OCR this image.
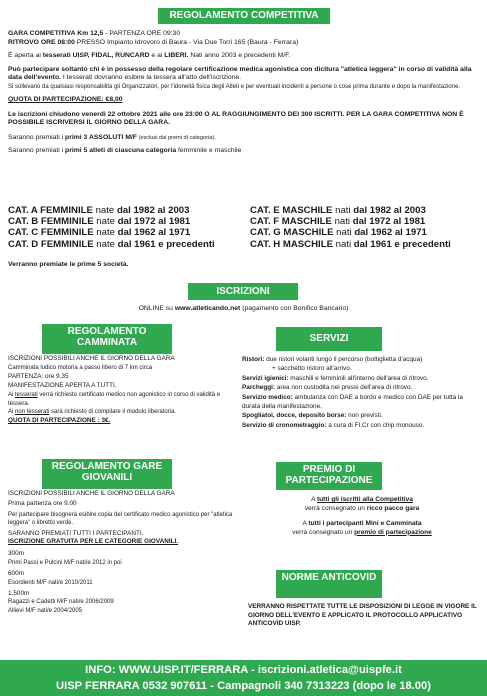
REGOLAMENTO COMPETITIVA

GARA COMPETITIVA Km 12,5 - PARTENZA ORE 09:30

RITROVO ORE 08:00 PRESSO Impianto Idrovoro di Baura - Via Due Torri 165 (Baura - Ferrara)

È aperta ai tesserati UISP, FIDAL, RUNCARD e ai LIBERI. Nati anno 2003 e precedenti M/F.

Può partecipare soltanto chi è in possesso della regolare certificazione medica agonistica con dicitura "atletica leggera" in corso di validità alla data dell'evento. I tesserati dovranno esibire la tessera all'atto dell'iscrizione.

Si sollevano da qualsiasi responsabilità gli Organizzatori, per l'idoneità fisica degli Atleti e per eventuali incidenti a persone o cose prima durante e dopo la manifestazione.

QUOTA DI PARTECIPAZIONE: €8,00

Le iscrizioni chiudono venerdì 22 ottobre 2021 alle ore 23:00 O AL RAGGIUNGIMENTO DEI 300 ISCRITTI. PER LA GARA COMPETITIVA NON È POSSIBILE ISCRIVERSI IL GIORNO DELLA GARA.

Saranno premiati i primi 3 ASSOLUTI M/F (esclusi dai premi di categoria).

Saranno premiati i primi 5 atleti di ciascuna categoria femminile e maschile

CAT. A FEMMINILE nate dal 1982 al 2003
CAT. B FEMMINILE nate dal 1972 al 1981
CAT. C FEMMINILE nate dal 1962 al 1971
CAT. D FEMMINILE nate dal 1961 e precedenti
CAT. E MASCHILE nati dal 1982 al 2003
CAT. F MASCHILE nati dal 1972 al 1981
CAT. G MASCHILE nati dal 1962 al 1971
CAT. H MASCHILE nati dal 1961 e precedenti
Verranno premiate le prime 5 società.
ISCRIZIONI
ONLINE su www.atleticando.net (pagamento con Bonifico Bancario)
REGOLAMENTO CAMMINATA

ISCRIZIONI POSSIBILI ANCHE IL GIORNO DELLA GARA

Camminata ludico motoria a passo libero di 7 km circa

PARTENZA: ore 9.35

MANIFESTAZIONE APERTA A TUTTI.

Ai tesserati verrà richiesto certificato medico non agonistico in corso di validità e tessera.

Ai non tesserati sarà richiesto di compilare il modulo liberatoria.

QUOTA DI PARTECIPAZIONE : 3€.

SERVIZI

Ristori: due ristori volanti lungo il percorso (bottiglietta d'acqua)

+ sacchetto ristoro all'arrivo.

Servizi igienici: maschili e femminili all'interno dell'area di ritrovo.

Parcheggi: area non custodita nei pressi dell'area di ritrovo.

Servizio medico: ambulanza con DAE a bordo e medico con DAE per tutta la durata della manifestazione.

Spogliatoi, docce, deposito borse: non previsti.

Servizio di cronometraggio: a cura di FI.Cr con chip monouso.

REGOLAMENTO GARE GIOVANILI

ISCRIZIONI POSSIBILI ANCHE IL GIORNO DELLA GARA

Prima partenza ore 9.00

Per partecipare bisognerà esibire copia del certificato medico agonistico per "atletica leggera" o libretto verde.

SARANNO PREMIATI TUTTI I PARTECIPANTI.

ISCRIZIONE GRATUITA PER LE CATEGORIE GIOVANILI.

300m

Primi Passi e Pulcini M/F nati/e 2012 in poi

600m

Esordienti M/F nati/e 2010/2011

1.500m

Ragazzi e Cadetti M/F nati/e 2006/2009

Allievi M/F nati/e 2004/2005

PREMIO DI PARTECIPAZIONE

A tutti gli iscritti alla Competitiva

verrà consegnato un ricco pacco gara

A tutti i partecipanti Mini e Camminata

verrà consegnato un premio di partecipazione

NORME ANTICOVID
VERRANNO RISPETTATE TUTTE LE DISPOSIZIONI DI LEGGE IN VIGORE IL GIORNO DELL'EVENTO E APPLICATO IL PROTOCOLLO APPLICATIVO ANTICOVID UISP.
INFO: WWW.UISP.IT/FERRARA - iscrizioni.atletica@uispfe.it
UISP FERRARA 0532 907611 - Campagnoli 340 7313223 (dopo le 18.00)
